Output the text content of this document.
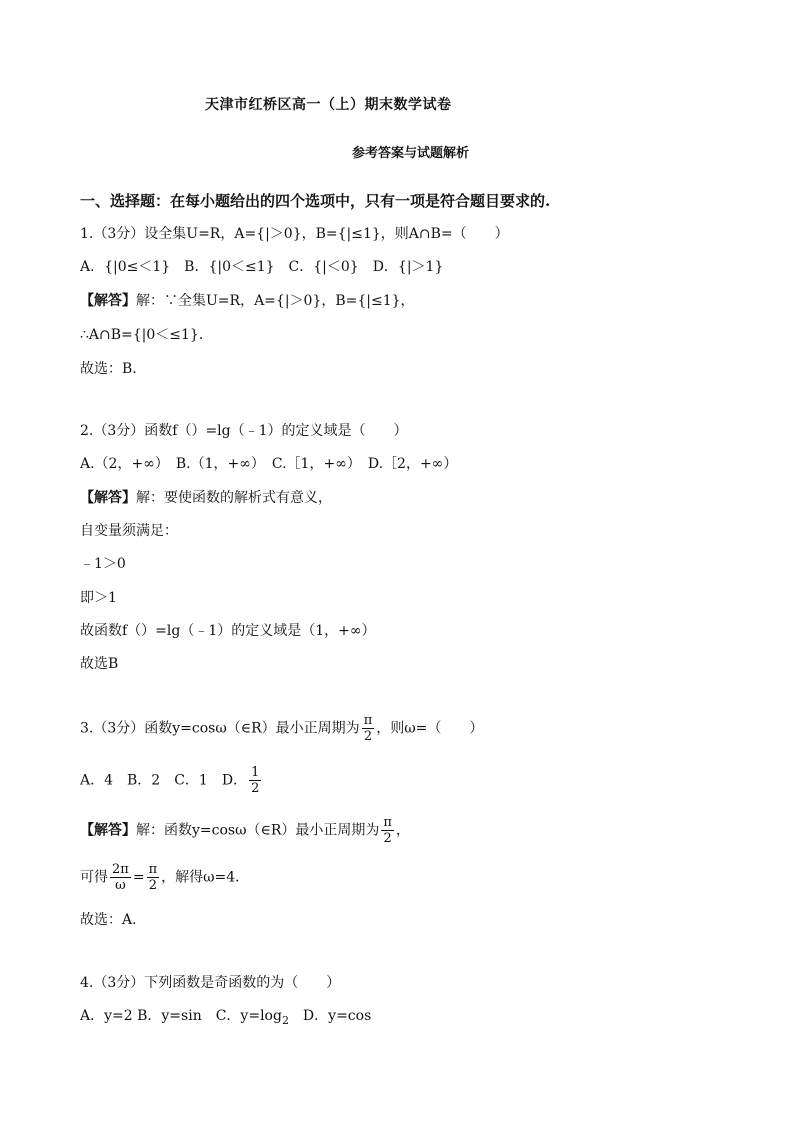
天津市红桥区高一（上）期末数学试卷
参考答案与试题解析
一、选择题：在每小题给出的四个选项中，只有一项是符合题目要求的.
1.（3分）设全集U=R，A={|＞0}，B={|≤1}，则A∩B=（　　）
A．{|0≤＜1}　B．{|0＜≤1}　C．{|＜0}　D．{|＞1}
【解答】解：∵全集U=R，A={|＞0}，B={|≤1}，
∴A∩B={|0＜≤1}．
故选：B．
2.（3分）函数f（）=lg（﹣1）的定义域是（　　）
A.（2，+∞）　B.（1，+∞）　C.［1，+∞）　D.［2，+∞）
【解答】解：要使函数的解析式有意义，
自变量须满足：
﹣1＞0
即＞1
故函数f（）=lg（﹣1）的定义域是（1，+∞）
故选B
3.（3分）函数y=cosω（∈R）最小正周期为 $\frac{\pi}{2}$ ，则ω=（　　）
A．4　B．2　C．1　D． $\frac{1}{2}$
【解答】解：函数y=cosω（∈R）最小正周期为 $\frac{\pi}{2}$ ，
可得 $\frac{2\pi}{\omega} = \frac{\pi}{2}$ ，解得ω=4．
故选：A．
4.（3分）下列函数是奇函数的为（　　）
A．y=2 B．y=sin　C．$y=\log_2$　D．y=cos
